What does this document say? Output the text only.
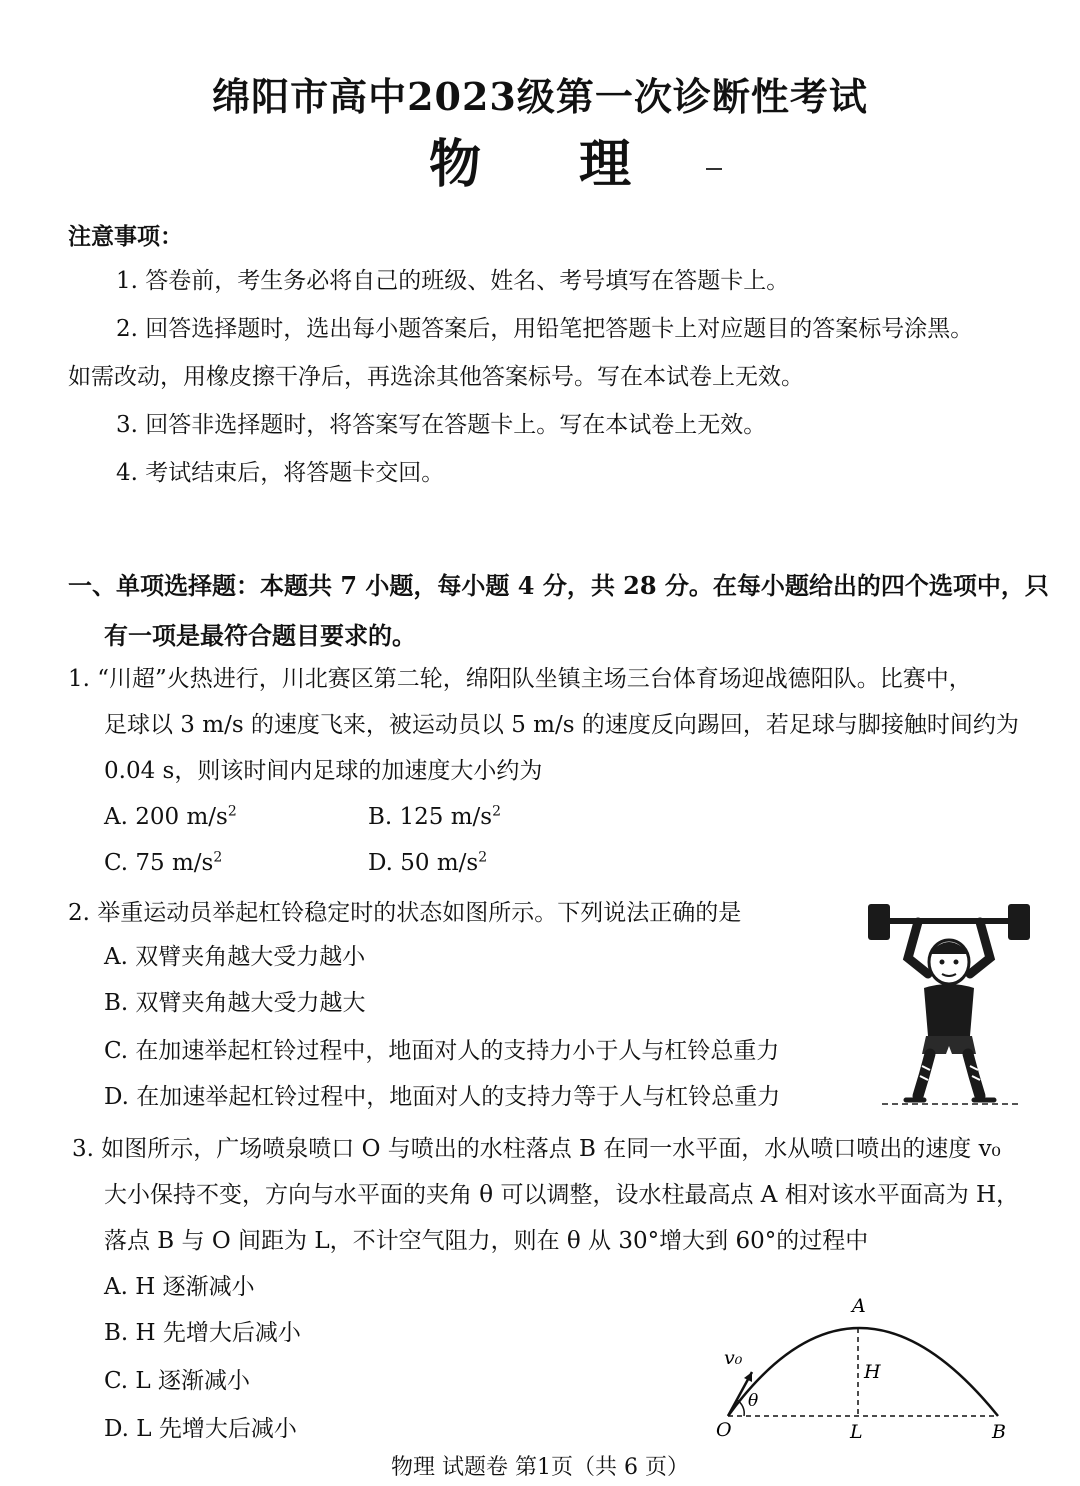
绵阳市高中2023级第一次诊断性考试
物 理
注意事项：
1. 答卷前，考生务必将自己的班级、姓名、考号填写在答题卡上。
2. 回答选择题时，选出每小题答案后，用铅笔把答题卡上对应题目的答案标号涂黑。
如需改动，用橡皮擦干净后，再选涂其他答案标号。写在本试卷上无效。
3. 回答非选择题时，将答案写在答题卡上。写在本试卷上无效。
4. 考试结束后，将答题卡交回。
一、单项选择题：本题共 7 小题，每小题 4 分，共 28 分。在每小题给出的四个选项中，只
有一项是最符合题目要求的。
1. “川超”火热进行，川北赛区第二轮，绵阳队坐镇主场三台体育场迎战德阳队。比赛中，
足球以 3 m/s 的速度飞来，被运动员以 5 m/s 的速度反向踢回，若足球与脚接触时间约为
0.04 s，则该时间内足球的加速度大小约为
A. 200 $m/s^2$	B. 125 $m/s^2$
C. 75 $m/s^2$	D. 50 $m/s^2$
2. 举重运动员举起杠铃稳定时的状态如图所示。下列说法正确的是
A. 双臂夹角越大受力越小
B. 双臂夹角越大受力越大
C. 在加速举起杠铃过程中，地面对人的支持力小于人与杠铃总重力
D. 在加速举起杠铃过程中，地面对人的支持力等于人与杠铃总重力
3. 如图所示，广场喷泉喷口 O 与喷出的水柱落点 B 在同一水平面，水从喷口喷出的速度 v₀
大小保持不变，方向与水平面的夹角 θ 可以调整，设水柱最高点 A 相对该水平面高为 H，
落点 B 与 O 间距为 L，不计空气阻力，则在 θ 从 30°增大到 60°的过程中
A. H 逐渐减小
B. H 先增大后减小
C. L 逐渐减小
D. L 先增大后减小
A
H
v₀
θ
O	L	B
物理 试题卷 第1页（共 6 页）
